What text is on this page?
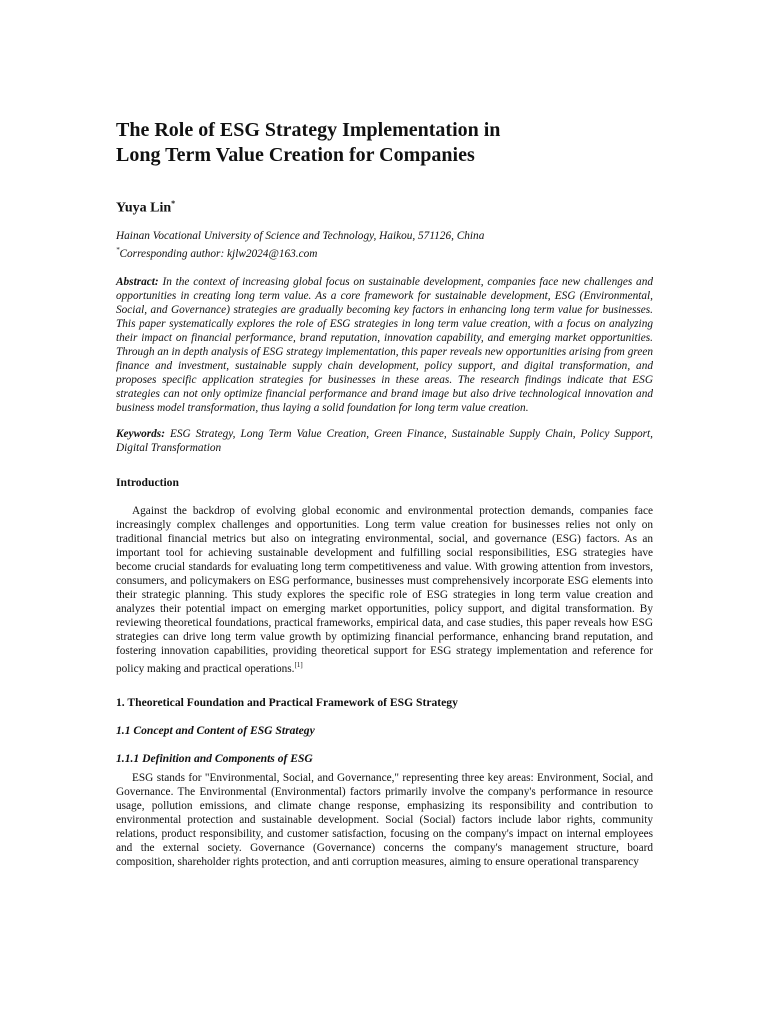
The Role of ESG Strategy Implementation in
Long Term Value Creation for Companies
Yuya Lin*
Hainan Vocational University of Science and Technology, Haikou, 571126, China
*Corresponding author: kjlw2024@163.com
Abstract: In the context of increasing global focus on sustainable development, companies face new challenges and opportunities in creating long term value. As a core framework for sustainable development, ESG (Environmental, Social, and Governance) strategies are gradually becoming key factors in enhancing long term value for businesses. This paper systematically explores the role of ESG strategies in long term value creation, with a focus on analyzing their impact on financial performance, brand reputation, innovation capability, and emerging market opportunities. Through an in depth analysis of ESG strategy implementation, this paper reveals new opportunities arising from green finance and investment, sustainable supply chain development, policy support, and digital transformation, and proposes specific application strategies for businesses in these areas. The research findings indicate that ESG strategies can not only optimize financial performance and brand image but also drive technological innovation and business model transformation, thus laying a solid foundation for long term value creation.
Keywords: ESG Strategy, Long Term Value Creation, Green Finance, Sustainable Supply Chain, Policy Support, Digital Transformation
Introduction
Against the backdrop of evolving global economic and environmental protection demands, companies face increasingly complex challenges and opportunities. Long term value creation for businesses relies not only on traditional financial metrics but also on integrating environmental, social, and governance (ESG) factors. As an important tool for achieving sustainable development and fulfilling social responsibilities, ESG strategies have become crucial standards for evaluating long term competitiveness and value. With growing attention from investors, consumers, and policymakers on ESG performance, businesses must comprehensively incorporate ESG elements into their strategic planning. This study explores the specific role of ESG strategies in long term value creation and analyzes their potential impact on emerging market opportunities, policy support, and digital transformation. By reviewing theoretical foundations, practical frameworks, empirical data, and case studies, this paper reveals how ESG strategies can drive long term value growth by optimizing financial performance, enhancing brand reputation, and fostering innovation capabilities, providing theoretical support for ESG strategy implementation and reference for policy making and practical operations.[1]
1. Theoretical Foundation and Practical Framework of ESG Strategy
1.1 Concept and Content of ESG Strategy
1.1.1 Definition and Components of ESG
ESG stands for "Environmental, Social, and Governance," representing three key areas: Environment, Social, and Governance. The Environmental (Environmental) factors primarily involve the company's performance in resource usage, pollution emissions, and climate change response, emphasizing its responsibility and contribution to environmental protection and sustainable development. Social (Social) factors include labor rights, community relations, product responsibility, and customer satisfaction, focusing on the company's impact on internal employees and the external society. Governance (Governance) concerns the company's management structure, board composition, shareholder rights protection, and anti corruption measures, aiming to ensure operational transparency
